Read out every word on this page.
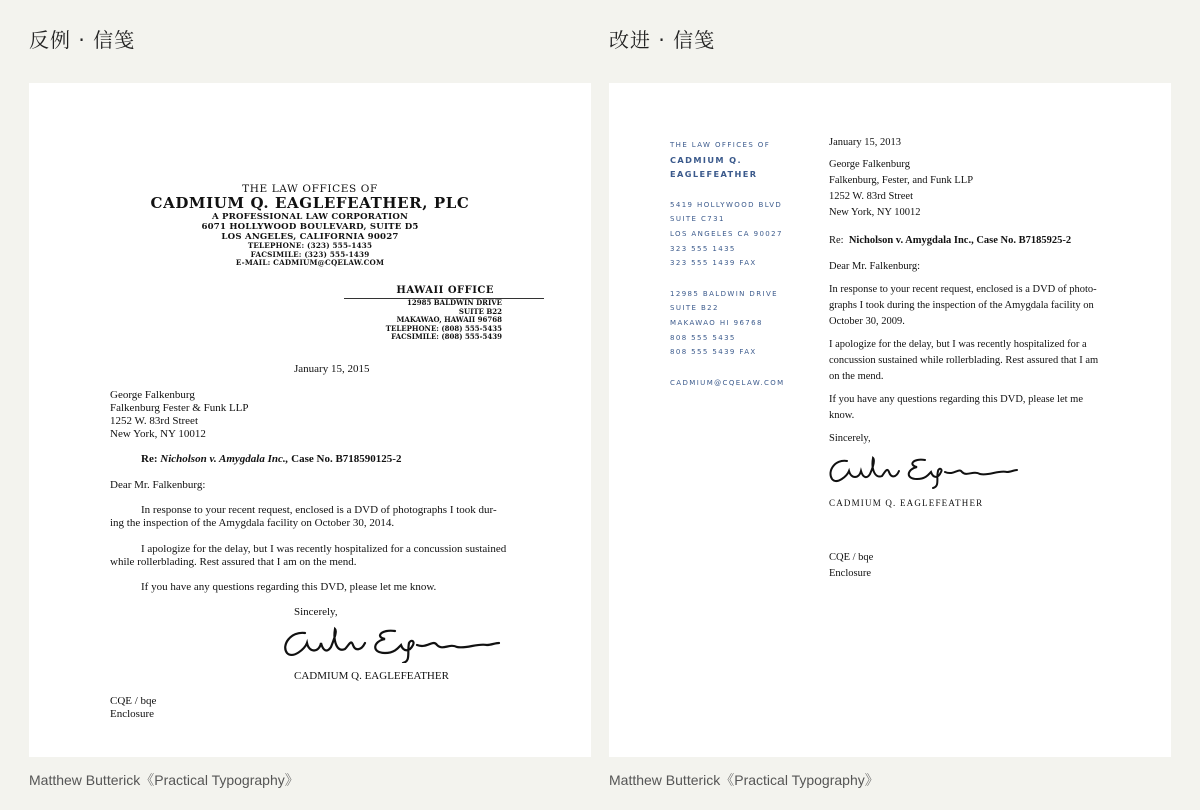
反例 · 信笺
THE LAW OFFICES OF
CADMIUM Q. EAGLEFEATHER, PLC
A PROFESSIONAL LAW CORPORATION
6071 HOLLYWOOD BOULEVARD, SUITE D5
LOS ANGELES, CALIFORNIA 90027
TELEPHONE: (323) 555-1435
FACSIMILE: (323) 555-1439
E-MAIL: CADMIUM@CQELAW.COM
HAWAII OFFICE
12985 BALDWIN DRIVE
SUITE B22
MAKAWAO, HAWAII 96768
TELEPHONE: (808) 555-5435
FACSIMILE: (808) 555-5439
January 15, 2015
George Falkenburg
Falkenburg Fester & Funk LLP
1252 W. 83rd Street
New York, NY 10012
Re: Nicholson v. Amygdala Inc., Case No. B718590125-2
Dear Mr. Falkenburg:
In response to your recent request, enclosed is a DVD of photographs I took dur-
ing the inspection of the Amygdala facility on October 30, 2014.
I apologize for the delay, but I was recently hospitalized for a concussion sustained
while rollerblading. Rest assured that I am on the mend.
If you have any questions regarding this DVD, please let me know.
Sincerely,
CADMIUM Q. EAGLEFEATHER
CQE / bqe
Enclosure
Matthew Butterick《Practical Typography》
改进 · 信笺
THE LAW OFFICES OF
CADMIUM Q.
EAGLEFEATHER
5419 HOLLYWOOD BLVD
SUITE C731
LOS ANGELES CA 90027
323 555 1435
323 555 1439 FAX
12985 BALDWIN DRIVE
SUITE B22
MAKAWAO HI 96768
808 555 5435
808 555 5439 FAX
CADMIUM@CQELAW.COM
January 15, 2013
George Falkenburg
Falkenburg, Fester, and Funk LLP
1252 W. 83rd Street
New York, NY 10012
Re: Nicholson v. Amygdala Inc., Case No. B7185925-2
Dear Mr. Falkenburg:
In response to your recent request, enclosed is a DVD of photo-
graphs I took during the inspection of the Amygdala facility on
October 30, 2009.
I apologize for the delay, but I was recently hospitalized for a
concussion sustained while rollerblading. Rest assured that I am
on the mend.
If you have any questions regarding this DVD, please let me
know.
Sincerely,
CADMIUM Q. EAGLEFEATHER
CQE / bqe
Enclosure
Matthew Butterick《Practical Typography》
